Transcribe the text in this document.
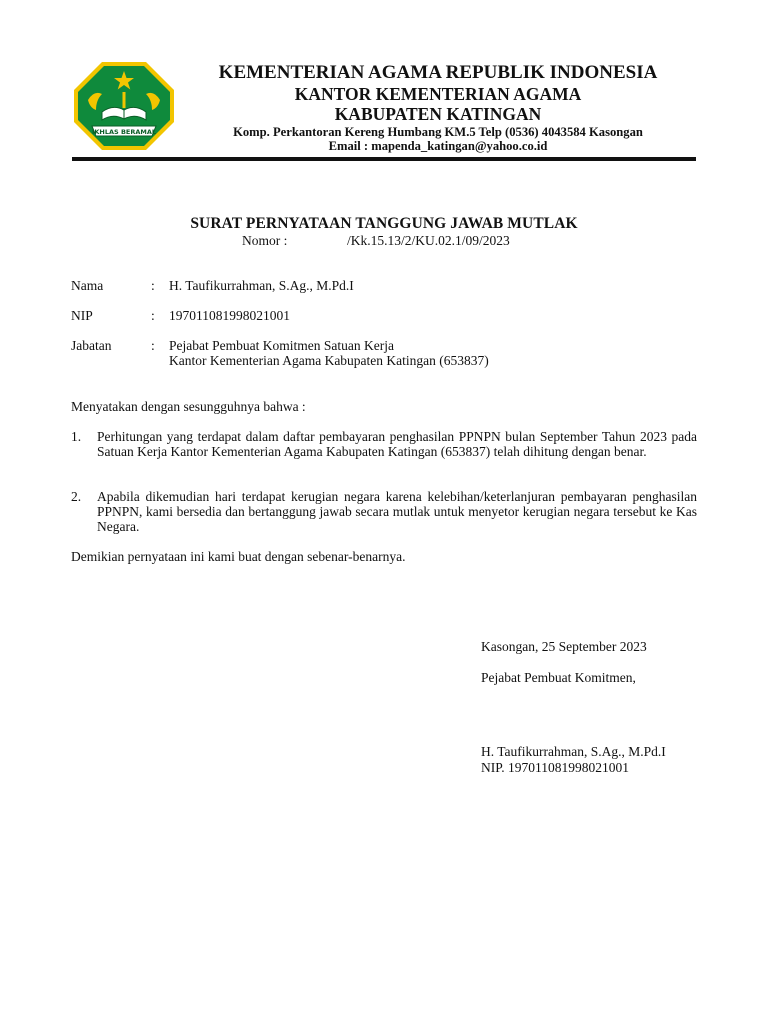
IKHLAS BERAMAL
KEMENTERIAN AGAMA REPUBLIK INDONESIA
KANTOR KEMENTERIAN AGAMA
KABUPATEN KATINGAN
Komp. Perkantoran Kereng Humbang KM.5 Telp (0536) 4043584 Kasongan
Email : mapenda_katingan@yahoo.co.id
SURAT PERNYATAAN TANGGUNG JAWAB MUTLAK
Nomor :	/Kk.15.13/2/KU.02.1/09/2023
Nama	: H. Taufikurrahman, S.Ag., M.Pd.I
NIP	: 197011081998021001
Jabatan	: Pejabat Pembuat Komitmen Satuan Kerja
Kantor Kementerian Agama Kabupaten Katingan (653837)
Menyatakan dengan sesungguhnya bahwa :
1. Perhitungan yang terdapat dalam daftar pembayaran penghasilan PPNPN bulan September Tahun 2023 pada Satuan Kerja Kantor Kementerian Agama Kabupaten Katingan (653837) telah dihitung dengan benar.
2. Apabila dikemudian hari terdapat kerugian negara karena kelebihan/keterlanjuran pembayaran penghasilan PPNPN, kami bersedia dan bertanggung jawab secara mutlak untuk menyetor kerugian negara tersebut ke Kas Negara.
Demikian pernyataan ini kami buat dengan sebenar-benarnya.
Kasongan, 25 September 2023
Pejabat Pembuat Komitmen,
H. Taufikurrahman, S.Ag., M.Pd.I
NIP. 197011081998021001
